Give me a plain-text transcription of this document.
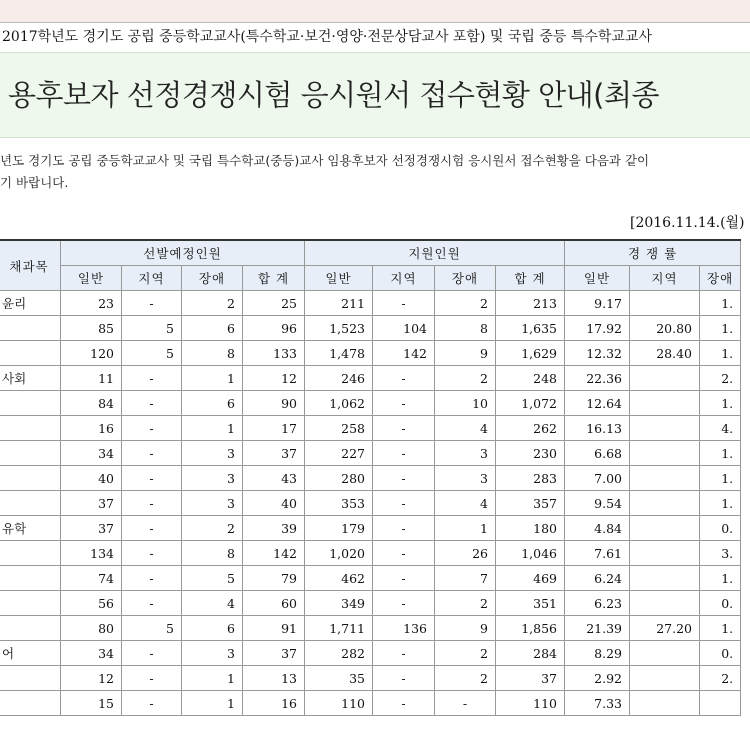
2017학년도 경기도 공립 중등학교교사(특수학교·보건·영양·전문상담교사 포함) 및 국립 중등 특수학교교사
용후보자 선정경쟁시험 응시원서 접수현황 안내(최종
년도 경기도 공립 중등학교교사 및 국립 특수학교(중등)교사 임용후보자 선정경쟁시험 응시원서 접수현황을 다음과 같이
기 바랍니다.
[2016.11.14.(월)
채과목	선발예정인원				지원인원				경 쟁 률		
	일반	지역	장애	합 계	일반	지역	장애	합 계	일반	지역	장애
윤리	23	-	2	25	211	-	2	213	9.17		1.
	85	5	6	96	1,523	104	8	1,635	17.92	20.80	1.
	120	5	8	133	1,478	142	9	1,629	12.32	28.40	1.
사회	11	-	1	12	246	-	2	248	22.36		2.
	84	-	6	90	1,062	-	10	1,072	12.64		1.
	16	-	1	17	258	-	4	262	16.13		4.
	34	-	3	37	227	-	3	230	6.68		1.
	40	-	3	43	280	-	3	283	7.00		1.
	37	-	3	40	353	-	4	357	9.54		1.
유학	37	-	2	39	179	-	1	180	4.84		0.
	134	-	8	142	1,020	-	26	1,046	7.61		3.
	74	-	5	79	462	-	7	469	6.24		1.
	56	-	4	60	349	-	2	351	6.23		0.
	80	5	6	91	1,711	136	9	1,856	21.39	27.20	1.
어	34	-	3	37	282	-	2	284	8.29		0.
	12	-	1	13	35	-	2	37	2.92		2.
	15	-	1	16	110	-	-	110	7.33		
